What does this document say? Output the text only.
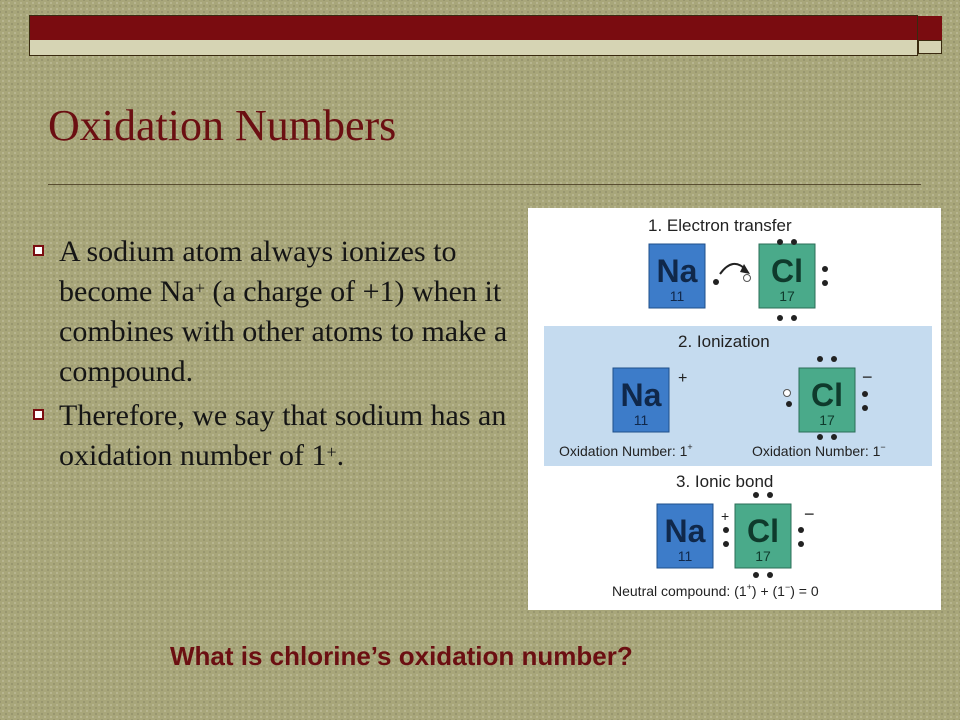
Oxidation Numbers
A sodium atom always ionizes to become Na+ (a charge of +1) when it combines with other atoms to make a compound.
Therefore, we say that sodium has an oxidation number of 1+.
1. Electron transfer
Na
11
Cl
17
2. Ionization
Na
11
+	Cl
17
−
Oxidation Number: 1+	Oxidation Number: 1−
3. Ionic bond
Na
11
+ Cl
17
−
Neutral compound: (1+) + (1−) = 0

What is chlorine’s oxidation number?
